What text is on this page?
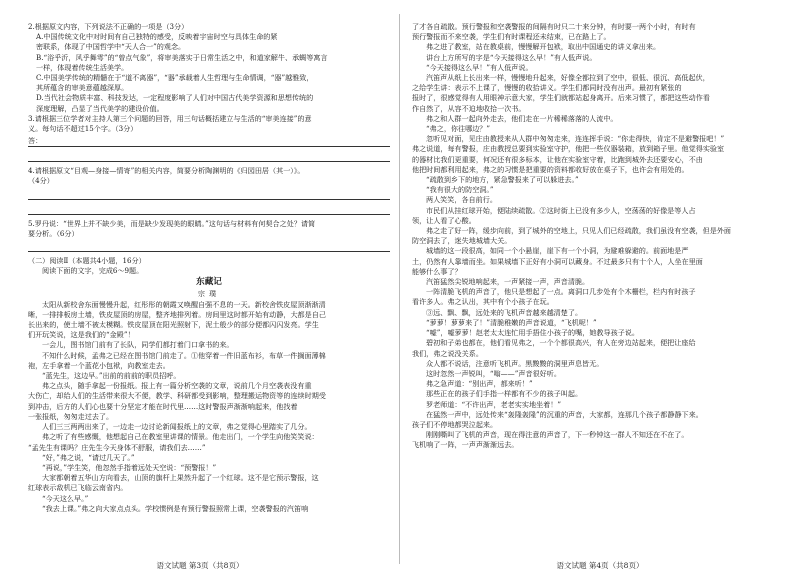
2.根据原文内容，下列说法不正确的一项是（3分）
A.中国传统文化中对时间有自己独特的感受，反映着宇宙时空与具体生命的紧
密联系，体现了中国哲学中“天人合一”的观念。
B.“浴乎沂，风乎舞雩”的“曾点气象”，将审美落实于日常生活之中，和道家解牛、承蜩等寓言
一样，体现着传统生活美学。
C.中国美学传统的精髓在于“道不离器”，“器”承载着人生哲理与生命情调，“器”越雅致，
其所蕴含的审美意蕴越深厚。
D.当代社会物质丰富、科技发达，一定程度影响了人们对中国古代美学资源和思想传统的
深度理解，凸显了当代美学的建设价值。
3.请根据三位学者对主持人第三个问题的回答，用三句话概括建立与生活的“审美连接”的意
义。每句话不超过15个字。（3分）
答：
4.请根据原文“目观—身接—情寄”的相关内容，简要分析陶渊明的《归园田居（其一）》。
（4分）
5.罗丹说：“世界上并不缺少美，而是缺少发现美的眼睛。”这句话与材料有何契合之处？请简
要分析。（6分）
（二）阅读Ⅱ（本题共4小题，16分）
阅读下面的文字，完成6～9题。
东藏记
宗璞
太阳从新校舍东面慢慢升起，红彤彤的朝霞又唤醒自强不息的一天。新校舍铁皮屋顶渐渐清
晰，一排排板房土墙，铁皮屋顶的房屋，整齐地排列着。房间里这时都开始有动静，大都是自己
长出来的，使土墙不被太模糊。铁皮屋顶在阳光照射下，泥土般少的部分便都闪闪发亮。学生
们开玩笑说，这是我们的“金殿”！
一会儿，图书馆门前有了长队，同学们都打着门口拿书的来。
不知什么时候，孟弗之已经在图书馆门前走了。①他穿着一件旧蓝布衫，布草一件搁面薄棉
袍，左手拿着一个蓝花小包袱，向教室走去。
“蓝先生，这边早。”出前的前前的职员招呼。
弗之点头，随手拿起一份报纸。报上有一篇分析空袭的文章，说前几个月空袭表没有重
大伤亡，却给人们的生活带来很大不便，教学、科研都受到影响，整理搬运物资等的连续时期受
到冲击，后方的人们心也要十分坚定才能在时代里……这时警报声渐渐响起来，他找着
一张报纸，匆匆走过去了。
人们三三两两出来了，一边走一边讨论新闻报纸上的文章，弗之觉得心里踏实了几分。
弗之听了有些感慨，他想起自己在教室里讲课的情景。他走出门，一个学生向他笑笑说：
“孟先生有课吗？庄先生今天身体不舒服，请我们去……”
“好，”弗之说，“请过几天了。”
“再说，”学生笑，他忽然手指着远处天空说：“预警报！”
大家都朝着五华山方向看去，山顶的旗杆上果然升起了一个红球。这不是它预示警报，这
红球表示敌机已飞临云南省内。
“今天这么早。”
“我去上课。”弗之向大家点点头。学校惯例是有预行警报照常上课，空袭警报的汽笛响
语文试题 第3页（共8页）
了才各自疏散。预行警报和空袭警报的间隔有时只二十来分钟，有时要一两个小时，有时有
预行警报而不来空袭，学生们有时课程还未结束，已在路上了。
弗之进了教室，站在教桌前，慢慢解开包袱，取出中国通史的讲义拿出来。
讲台上方所写的字是“今天接得这么早！”有人低声说。
“今天接得这么早！”有人低声说。
汽笛声从纸上长出来一样，慢慢地升起来，好像全都拉到了空中，很低、很沉、高低起伏，
之给学生讲：表示不上课了，慢慢的收拾讲义。学生们都同时没有出声。最初有紧张的
报时了，很感觉得有人用眼神示意大家，学生们就都站起身离开。后来习惯了，都把这些动作看
作自然了，从容不迫地收拾一次书。
弗之和人群一起向外走去，他们走在一片稀稀落落的人流中。
“弗之，你往哪边？”
忽听见对面，见庄由教授来从人群中匆匆走来，连连挥手说：“你走得快，肯定不是避警报吧！”
弗之说道，每有警报，庄由教授总要到实验室守护，他把一些仪器装箱，放到箱子里。他觉得实验室
的器材比我们更重要，何况还有很多标本，让他在实验室守着，比跑到城外去还要安心，不由
他把时间都利用起来，弗之的习惯是把重要的资料都收好放在桌子下，也许会有用处的。
“疏散到乡下的地方，紧急警报来了可以躲进去。”
“我有很大的防空洞。”
两人笑笑，各自前行。
市民们从挂红球开始，便陆续疏散。②这时街上已没有多少人，空荡荡的好像是等人占
领，让人看了心酸。
弗之走了好一阵，缓步向前，到了城外的空地上，只见人们已经疏散，我们虽没有空袭，但是外面
防空洞去了，迷失地城墙大关。
城墙的这一段很高，如同一个小悬崖，崖下有一个小洞，为避难躲避的。前面地是严
土，仍然有人靠墙而坐。如果城墙下正好有小洞可以藏身。不过最多只有十个人，人坐在里面
能够什么事了？
汽笛猛然尖锐地响起来，一声紧接一声，声音清脆。
一阵清脆飞机的声音了，他只是想起了一点。离洞口几步处有个木栅栏，栏内有时孩子
看许多人。弗之认出，其中有个小孩子在玩。
③远、飘、飘，远处来的飞机声音越来越清楚了。
“萝萝！萝萝来了！”清脆稚嫩的声音说道，“飞机呢！”
“嘘”，嘘萝萝！赵老太太连忙用手捂住小孩子的嘴，她教导孩子说。
碧初和子弟也都在，他们看见弗之，一个个都很高兴，有人在旁边站起来，便把让座给
我们，弗之说没关系。
众人都不说话，注意听飞机声。黑黢黢的洞里声息皆无。
这时忽然一声锐叫，“嗡——”声音很好听。
弗之急声道：“别出声，都来听！”
那些正在的孩子们手指一样都有不少的孩子叫起。
罗老师道：“不许出声，老老实实地坐着！”
在猛然一声中，远处传来“轰隆轰隆”的沉重的声音，大家都，连那几个孩子都静静下来。
孩子们不停地都哭泣起来。
刚刚嘶叫了飞机的声音，现在得注意的声音了，下一秒钟这一群人不知还在不在了。
飞机响了一阵，一声声渐渐远去。
语文试题 第4页（共8页）
